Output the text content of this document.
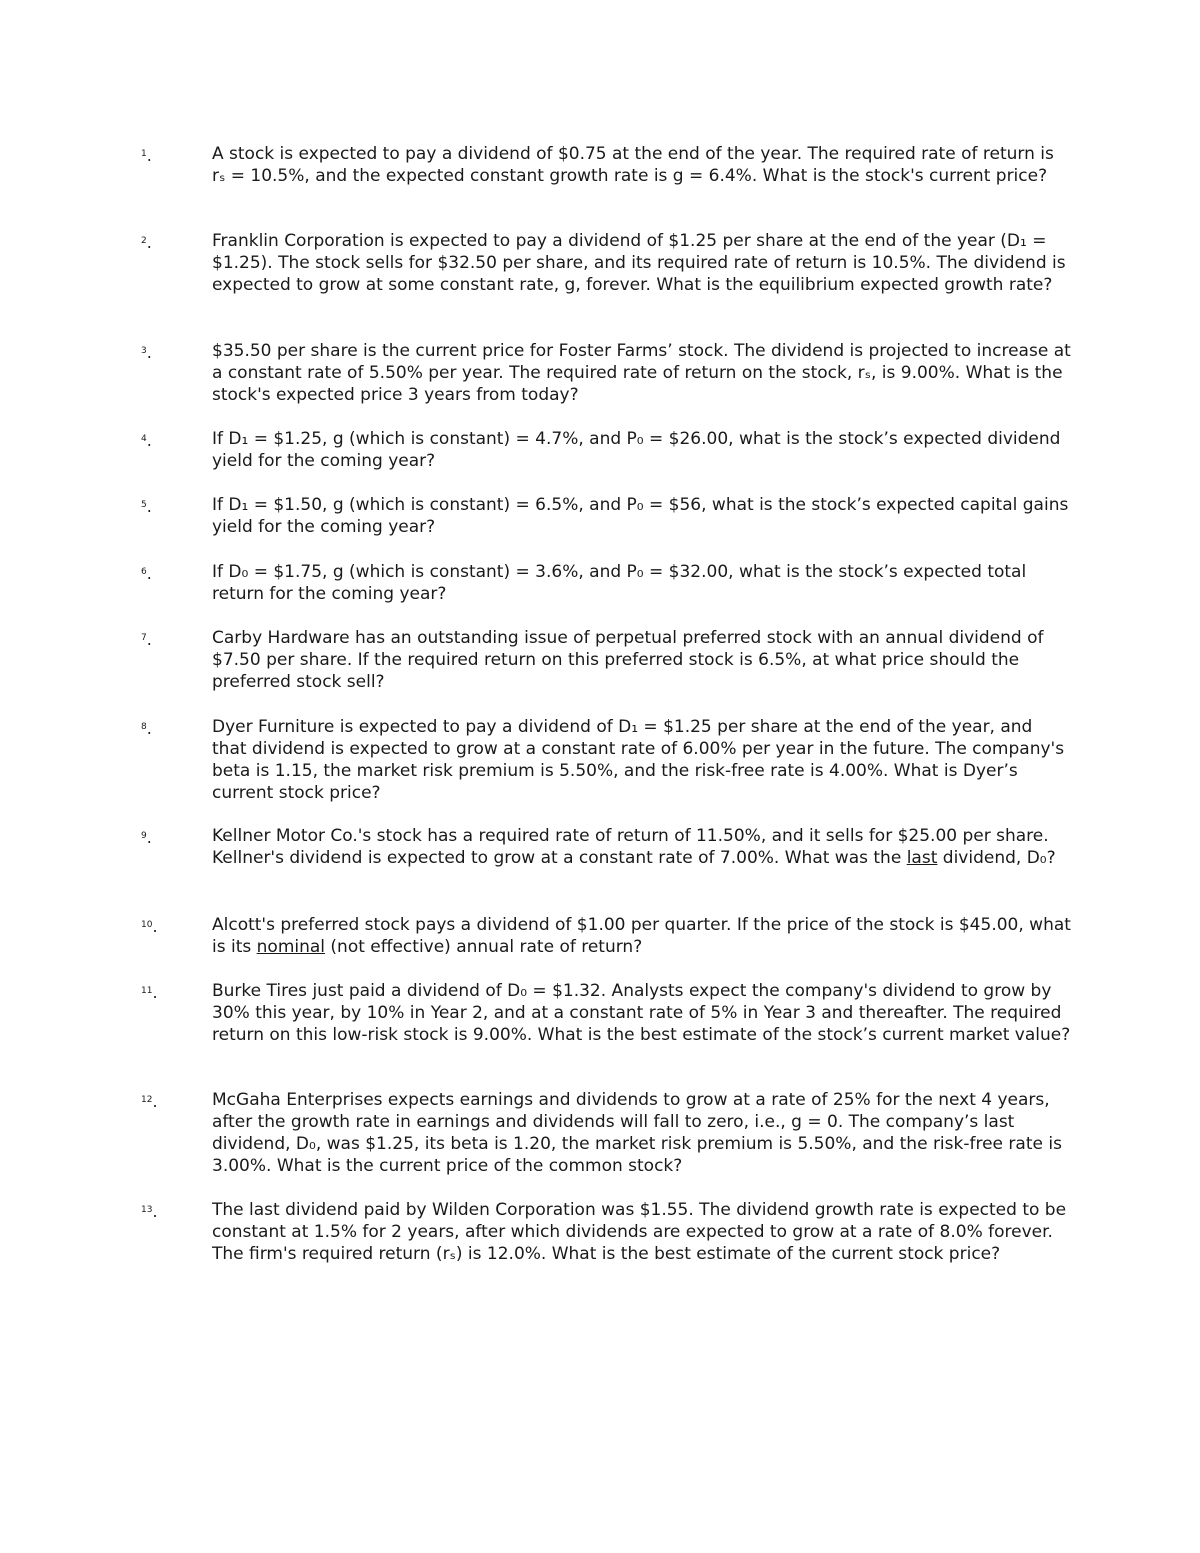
$^1$.	A stock is expected to pay a dividend of $0.75 at the end of the year. The required rate of return is rₛ = 10.5%, and the expected constant growth rate is g = 6.4%. What is the stock's current price?

$^2$.	Franklin Corporation is expected to pay a dividend of $1.25 per share at the end of the year (D₁ = $1.25). The stock sells for $32.50 per share, and its required rate of return is 10.5%. The dividend is expected to grow at some constant rate, g, forever. What is the equilibrium expected growth rate?

$^3$.	$35.50 per share is the current price for Foster Farms’ stock. The dividend is projected to increase at a constant rate of 5.50% per year. The required rate of return on the stock, rₛ, is 9.00%. What is the stock's expected price 3 years from today?

$^4$.	If D₁ = $1.25, g (which is constant) = 4.7%, and P₀ = $26.00, what is the stock’s expected dividend yield for the coming year?

$^5$.	If D₁ = $1.50, g (which is constant) = 6.5%, and P₀ = $56, what is the stock’s expected capital gains yield for the coming year?

$^6$.	If D₀ = $1.75, g (which is constant) = 3.6%, and P₀ = $32.00, what is the stock’s expected total return for the coming year?

$^7$.	Carby Hardware has an outstanding issue of perpetual preferred stock with an annual dividend of $7.50 per share. If the required return on this preferred stock is 6.5%, at what price should the preferred stock sell?

$^8$.	Dyer Furniture is expected to pay a dividend of D₁ = $1.25 per share at the end of the year, and that dividend is expected to grow at a constant rate of 6.00% per year in the future. The company's beta is 1.15, the market risk premium is 5.50%, and the risk-free rate is 4.00%. What is Dyer’s current stock price?

$^9$.	Kellner Motor Co.'s stock has a required rate of return of 11.50%, and it sells for $25.00 per share. Kellner's dividend is expected to grow at a constant rate of 7.00%. What was the last dividend, D₀?

$^{10}$.	Alcott's preferred stock pays a dividend of $1.00 per quarter. If the price of the stock is $45.00, what is its nominal (not effective) annual rate of return?

$^{11}$.	Burke Tires just paid a dividend of D₀ = $1.32. Analysts expect the company's dividend to grow by 30% this year, by 10% in Year 2, and at a constant rate of 5% in Year 3 and thereafter. The required return on this low-risk stock is 9.00%. What is the best estimate of the stock’s current market value?

$^{12}$.	McGaha Enterprises expects earnings and dividends to grow at a rate of 25% for the next 4 years, after the growth rate in earnings and dividends will fall to zero, i.e., g = 0. The company’s last dividend, D₀, was $1.25, its beta is 1.20, the market risk premium is 5.50%, and the risk-free rate is 3.00%. What is the current price of the common stock?

$^{13}$.	The last dividend paid by Wilden Corporation was $1.55. The dividend growth rate is expected to be constant at 1.5% for 2 years, after which dividends are expected to grow at a rate of 8.0% forever. The firm's required return (rₛ) is 12.0%. What is the best estimate of the current stock price?
